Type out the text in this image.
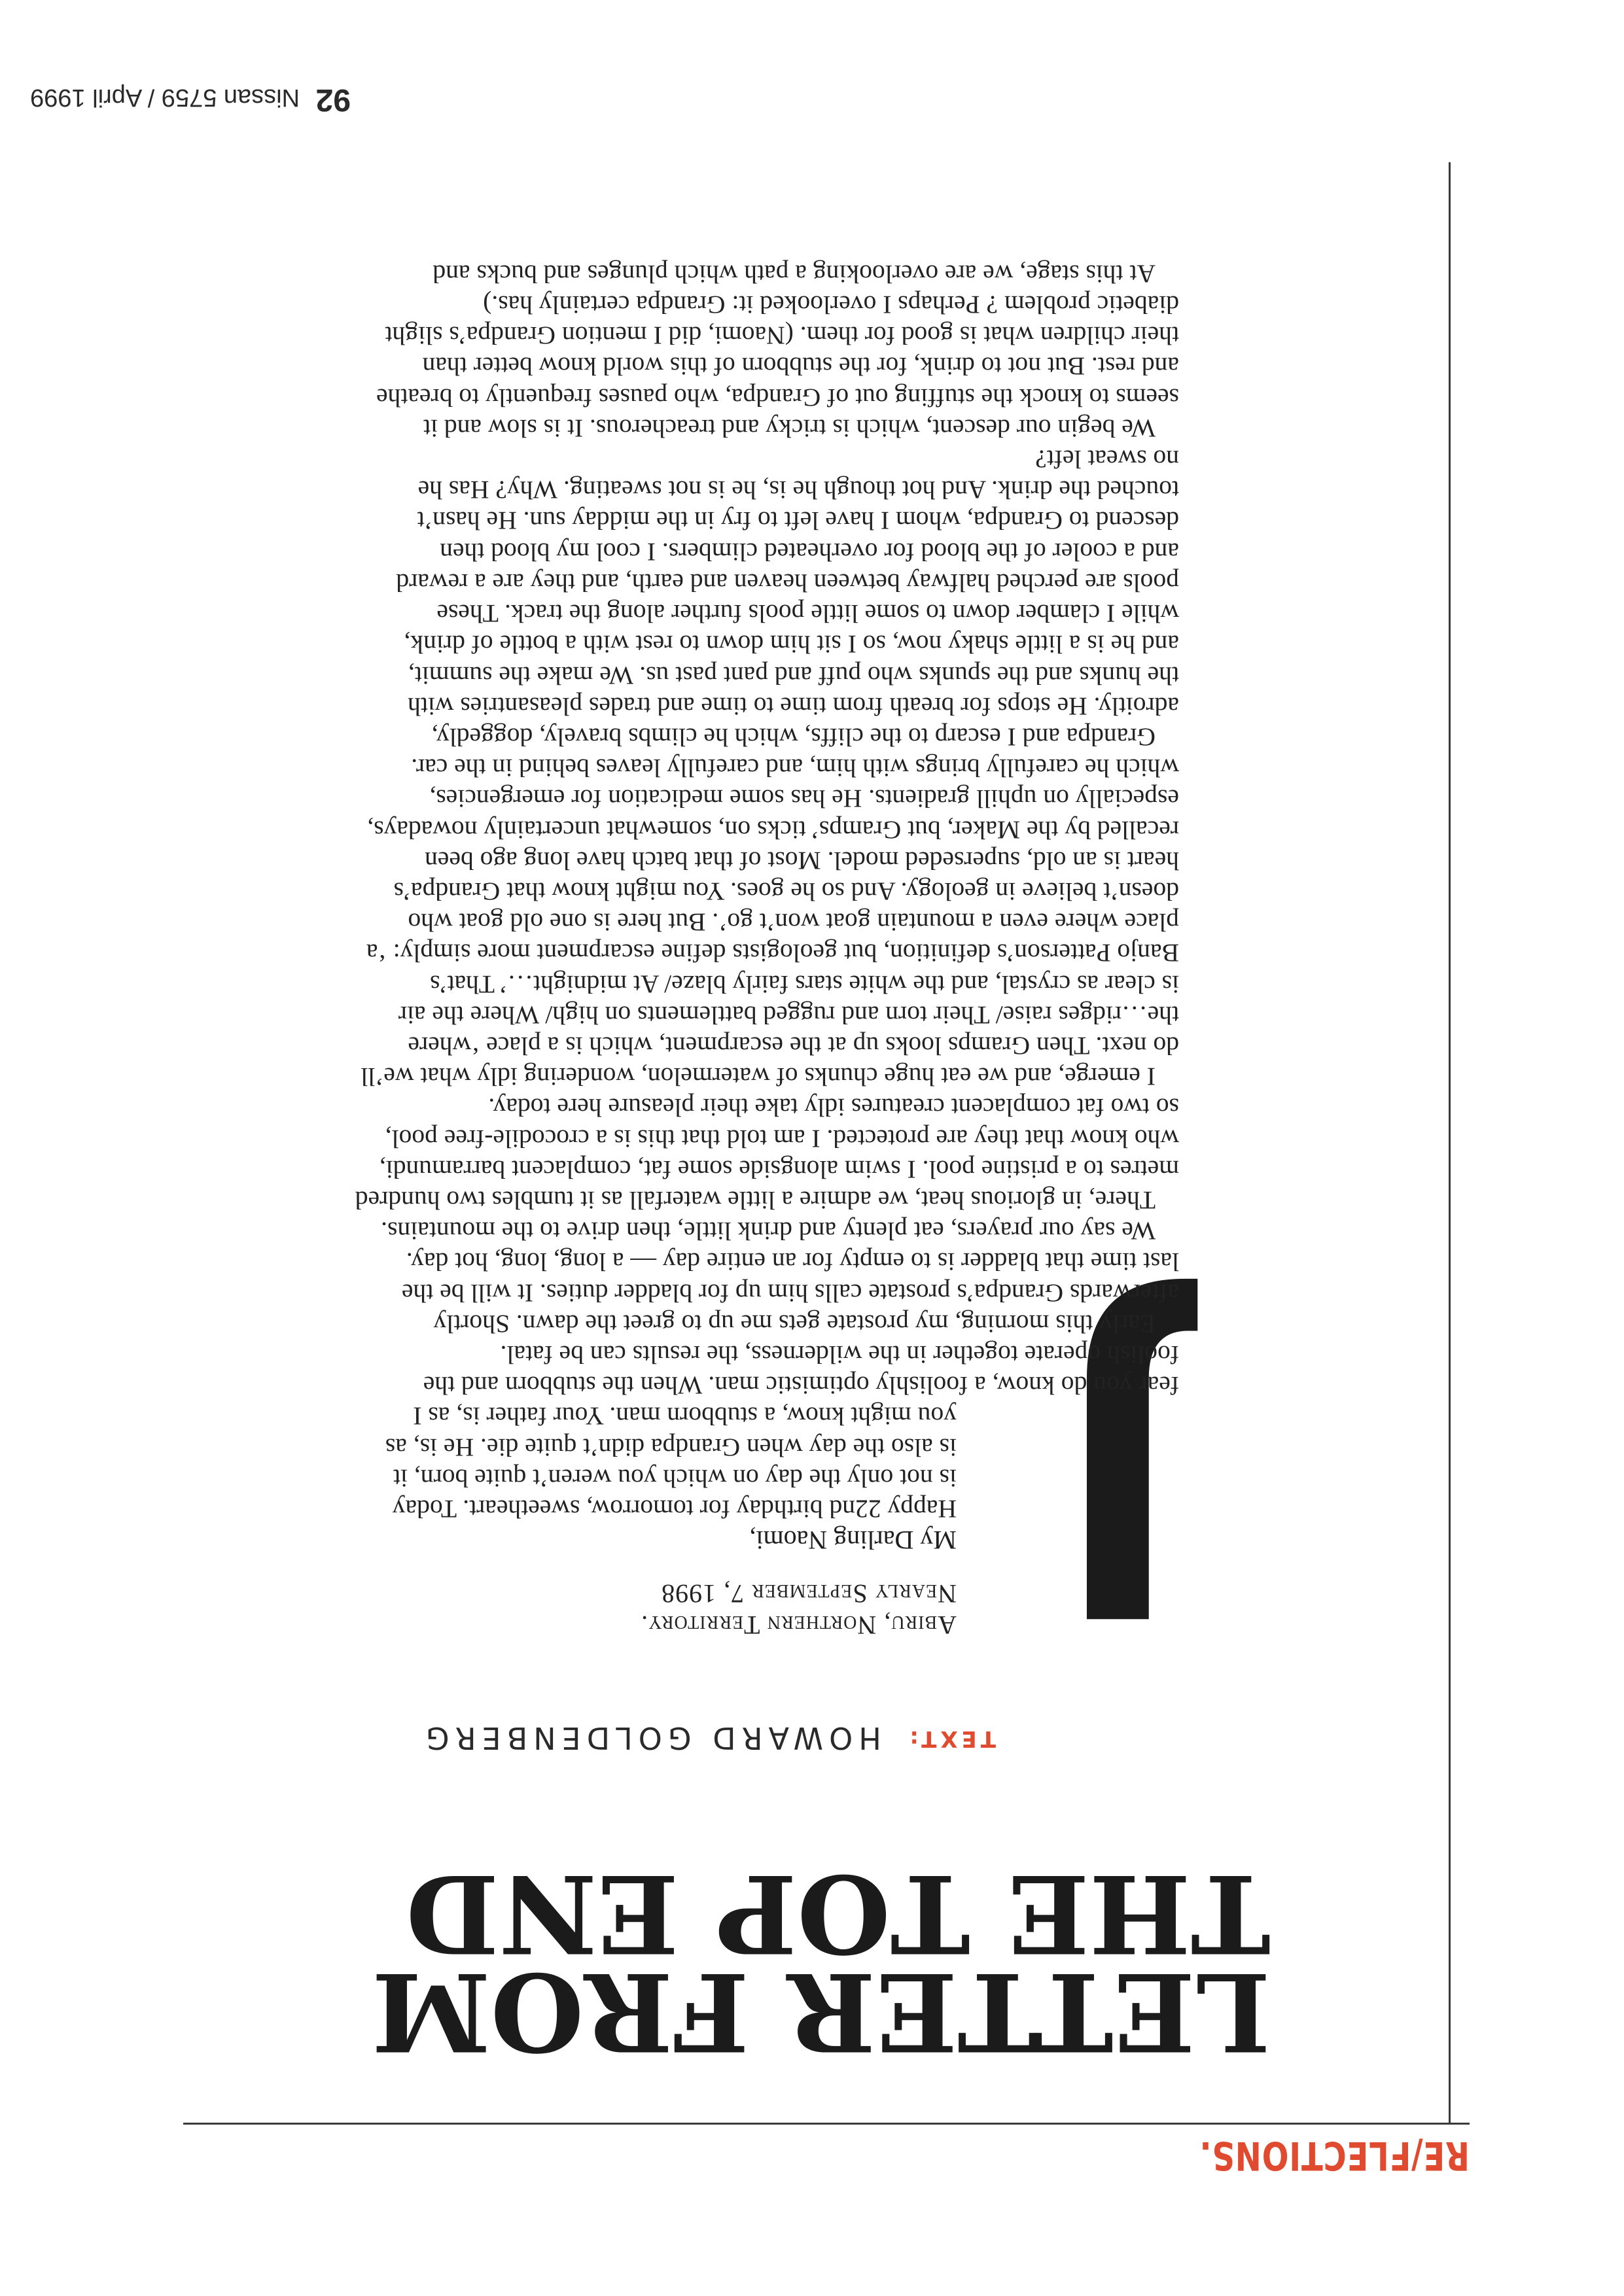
RE/FLECTIONS.
LETTER FROM
THE TOP END
TEXT: HOWARD GOLDENBERG
J
Abiru, Northern Territory.
Nearly September 7, 1998
My Darling Naomi,
Happy 22nd birthday for tomorrow, sweetheart. Today
is not only the day on which you weren’t quite born, it
is also the day when Grandpa didn’t quite die. He is, as
you might know, a stubborn man. Your father is, as I
fear you do know, a foolishly optimistic man. When the stubborn and the
foolish operate together in the wilderness, the results can be fatal.
Early this morning, my prostate gets me up to greet the dawn. Shortly
afterwards Grandpa’s prostate calls him up for bladder duties. It will be the
last time that bladder is to empty for an entire day — a long, long, hot day.
We say our prayers, eat plenty and drink little, then drive to the mountains.
There, in glorious heat, we admire a little waterfall as it tumbles two hundred
metres to a pristine pool. I swim alongside some fat, complacent barramundi,
who know that they are protected. I am told that this is a crocodile-free pool,
so two fat complacent creatures idly take their pleasure here today.
I emerge, and we eat huge chunks of watermelon, wondering idly what we’ll
do next. Then Gramps looks up at the escarpment, which is a place ‘where
the…ridges raise/ Their torn and rugged battlements on high/ Where the air
is clear as crystal, and the white stars fairly blaze/ At midnight…’ That’s
Banjo Patterson’s definition, but geologists define escarpment more simply: ‘a
place where even a mountain goat won’t go’. But here is one old goat who
doesn’t believe in geology. And so he goes. You might know that Grandpa’s
heart is an old, superseded model. Most of that batch have long ago been
recalled by the Maker, but Gramps’ ticks on, somewhat uncertainly nowadays,
especially on uphill gradients. He has some medication for emergencies,
which he carefully brings with him, and carefully leaves behind in the car.
Grandpa and I escarp to the cliffs, which he climbs bravely, doggedly,
adroitly. He stops for breath from time to time and trades pleasantries with
the hunks and the spunks who puff and pant past us. We make the summit,
and he is a little shaky now, so I sit him down to rest with a bottle of drink,
while I clamber down to some little pools further along the track. These
pools are perched halfway between heaven and earth, and they are a reward
and a cooler of the blood for overheated climbers. I cool my blood then
descend to Grandpa, whom I have left to fry in the midday sun. He hasn’t
touched the drink. And hot though he is, he is not sweating. Why? Has he
no sweat left?
We begin our descent, which is tricky and treacherous. It is slow and it
seems to knock the stuffing out of Grandpa, who pauses frequently to breathe
and rest. But not to drink, for the stubborn of this world know better than
their children what is good for them. (Naomi, did I mention Grandpa’s slight
diabetic problem ? Perhaps I overlooked it: Grandpa certainly has.)
At this stage, we are overlooking a path which plunges and bucks and
92 Nissan 5759 / April 1999
